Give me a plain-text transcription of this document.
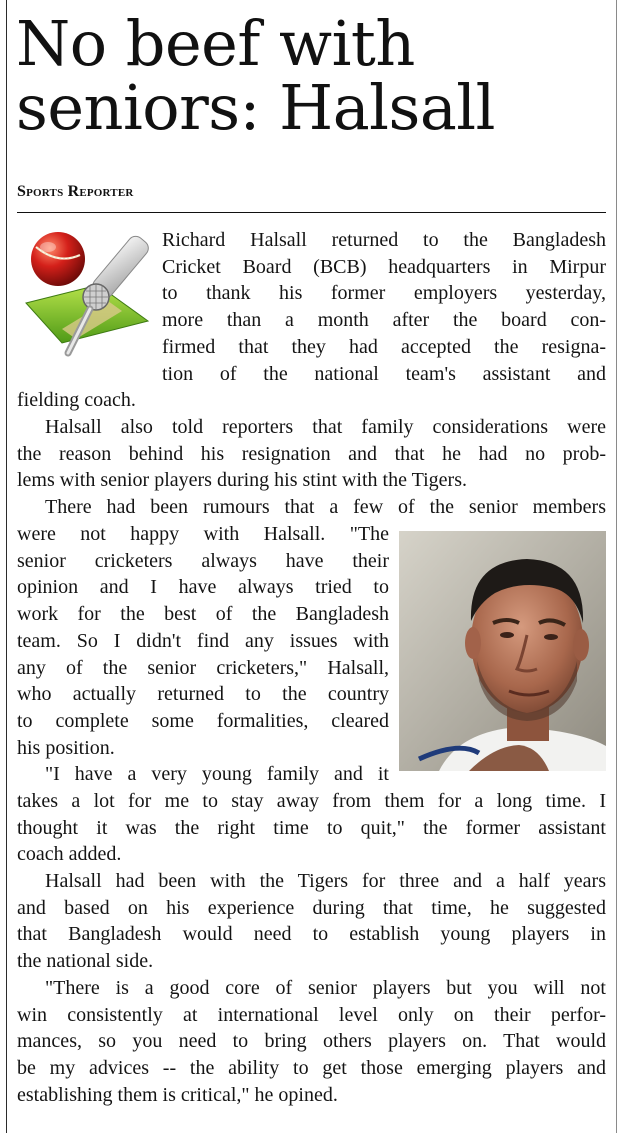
No beef with
seniors: Halsall
Sports Reporter
Richard Halsall returned to the Bangladesh
Cricket Board (BCB) headquarters in Mirpur
to thank his former employers yesterday,
more than a month after the board con-
firmed that they had accepted the resigna-
tion of the national team's assistant and
fielding coach.
Halsall also told reporters that family considerations were
the reason behind his resignation and that he had no prob-
lems with senior players during his stint with the Tigers.
There had been rumours that a few of the senior members
were not happy with Halsall. "The
senior cricketers always have their
opinion and I have always tried to
work for the best of the Bangladesh
team. So I didn't find any issues with
any of the senior cricketers," Halsall,
who actually returned to the country
to complete some formalities, cleared
his position.
"I have a very young family and it
takes a lot for me to stay away from them for a long time. I
thought it was the right time to quit," the former assistant
coach added.
Halsall had been with the Tigers for three and a half years
and based on his experience during that time, he suggested
that Bangladesh would need to establish young players in
the national side.
"There is a good core of senior players but you will not
win consistently at international level only on their perfor-
mances, so you need to bring others players on. That would
be my advices -- the ability to get those emerging players and
establishing them is critical," he opined.
